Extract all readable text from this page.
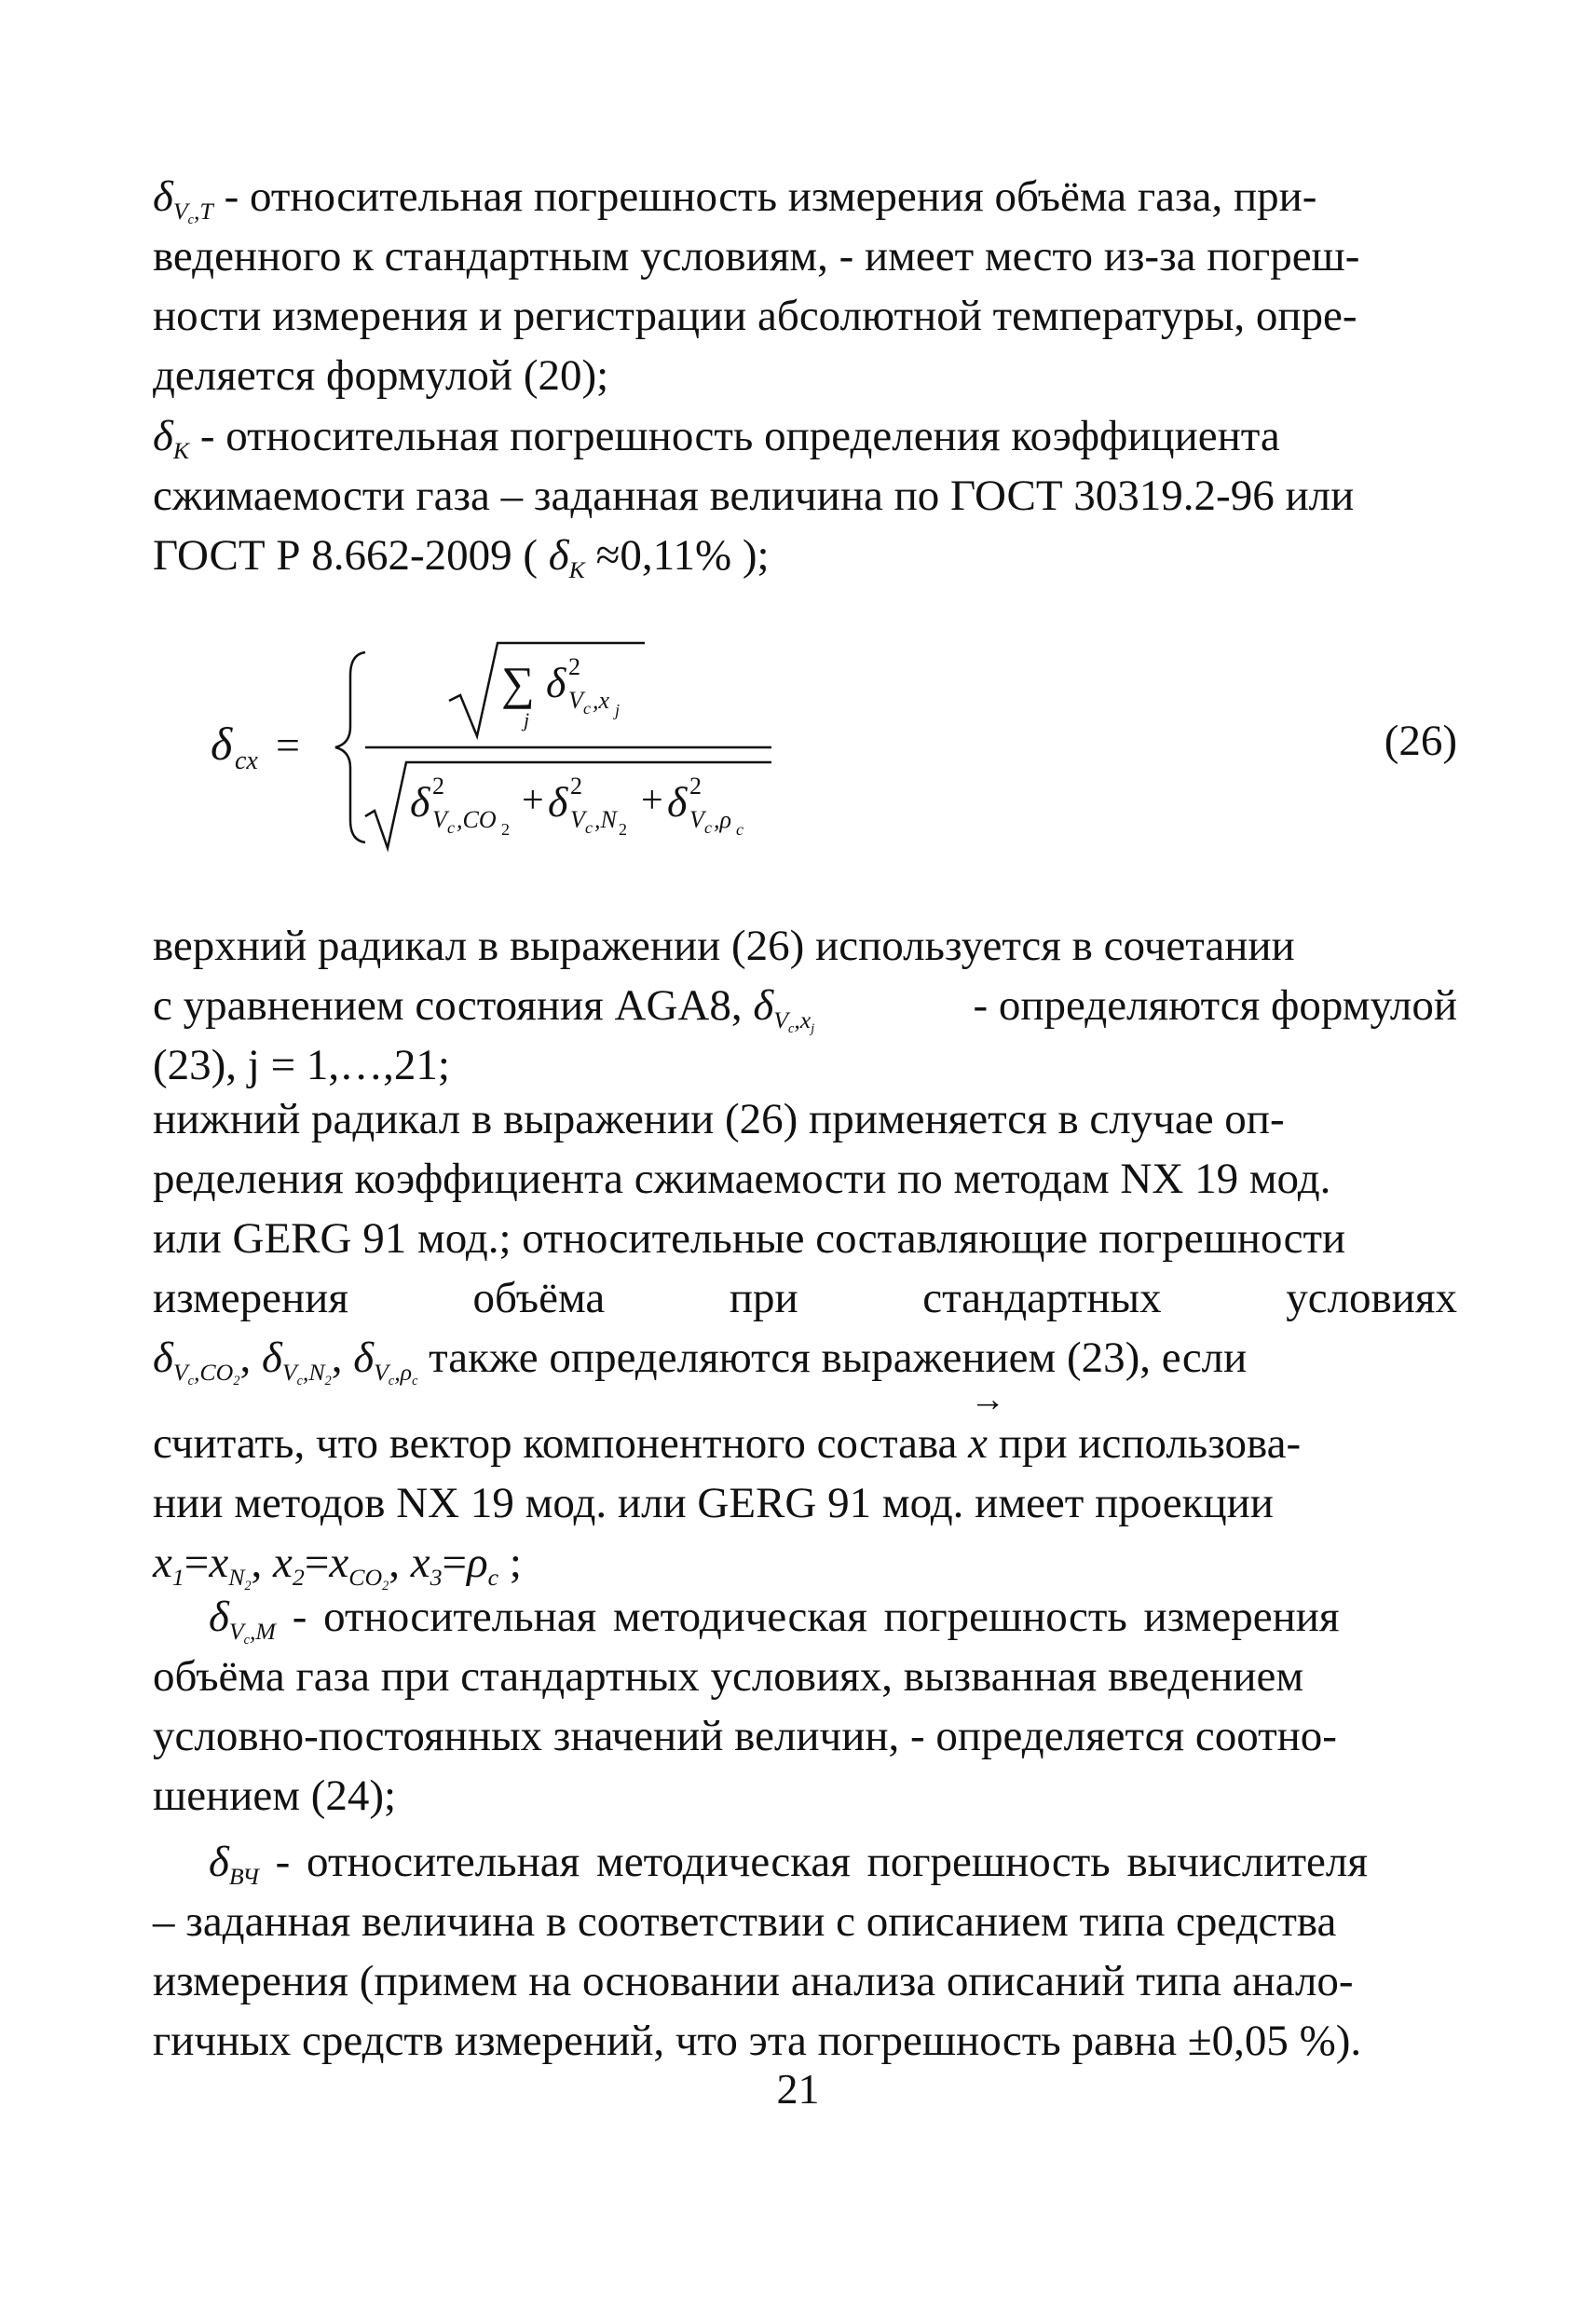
$\delta_{V_c,T}$ - относительная погрешность измерения объёма газа, при-
веденного к стандартным условиям, - имеет место из-за погреш-
ности измерения и регистрации абсолютной температуры, опре-
деляется формулой (20);
$\delta_K$ - относительная погрешность определения коэффициента
сжимаемости газа – заданная величина по ГОСТ 30319.2-96 или
ГОСТ Р 8.662-2009 ( $\delta_K \approx 0,11\%$ );
δ cx =
∑
j
δ 2
V c ,x j
δ 2
V c ,CO 2
+ δ 2
V c ,N 2
+ δ 2
V c ,ρ c
(26)
верхний радикал в выражении (26) используется в сочетании
с уравнением состояния AGA8, $\delta_{V_c,x_j}$	- определяются формулой
(23), j = 1,…,21;
нижний радикал в выражении (26) применяется в случае оп-
ределения коэффициента сжимаемости по методам NX 19 мод.
или GERG 91 мод.; относительные составляющие погрешности
измерения	объёма	при	стандартных	условиях
$\delta_{V_c,CO_2}$, $\delta_{V_c,N_2}$, $\delta_{V_c,\rho_c}$ также определяются выражением (23), если
считать, что вектор компонентного состава
→
x при использова-
нии методов NX 19 мод. или GERG 91 мод. имеет проекции
$x_1=x_{N_2}$, $x_2=x_{CO_2}$, $x_3=\rho_c$ ;
$\delta_{V_c,M}$ - относительная методическая погрешность измерения
объёма газа при стандартных условиях, вызванная введением
условно-постоянных значений величин, - определяется соотно-
шением (24);
$\delta_{ВЧ}$ - относительная методическая погрешность вычислителя
– заданная величина в соответствии с описанием типа средства
измерения (примем на основании анализа описаний типа анало-
гичных средств измерений, что эта погрешность равна ±0,05 %).
21
